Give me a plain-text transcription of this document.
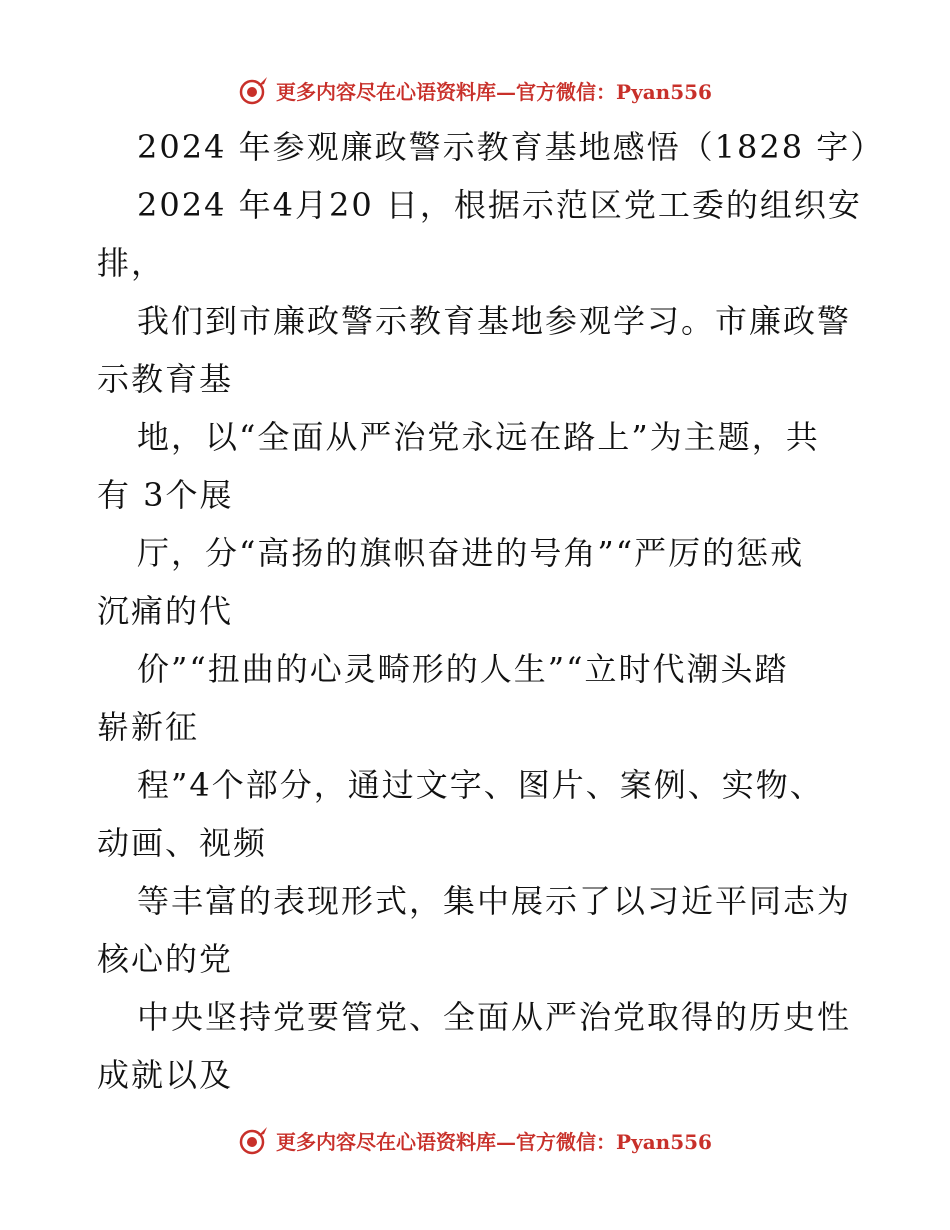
更多内容尽在心语资料库—官方微信：Pyan556
2024 年参观廉政警示教育基地感悟（1828 字）
2024 年4月20 日，根据示范区党工委的组织安
排，
我们到市廉政警示教育基地参观学习。市廉政警
示教育基
地，以“全面从严治党永远在路上”为主题，共
有 3个展
厅，分“高扬的旗帜奋进的号角”“严厉的惩戒
沉痛的代
价”“扭曲的心灵畸形的人生”“立时代潮头踏
崭新征
程”4个部分，通过文字、图片、案例、实物、
动画、视频
等丰富的表现形式，集中展示了以习近平同志为
核心的党
中央坚持党要管党、全面从严治党取得的历史性
成就以及
更多内容尽在心语资料库—官方微信：Pyan556
